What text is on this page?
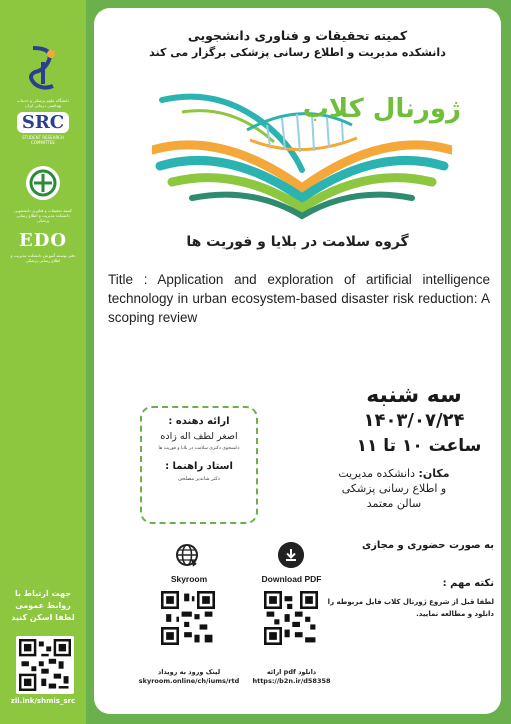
دانشگاه علوم پزشکی و خدمات بهداشتی درمانی ایران
SRC
STUDENT RESEARCH COMMITTEE
کمیته تحقیقات و فناوری دانشجویی دانشکده مدیریت و اطلاع رسانی پزشکی
EDO
دفتر توسعه آموزش دانشکده مدیریت و اطلاع رسانی پزشکی
جهت ارتباط با
روابط عمومی
لطفا اسکن کنید
zil.ink/shmis_src
کمیته تحقیقات و فناوری دانشجویی
دانشکده مدیریت و اطلاع رسانی پزشکی برگزار می کند
ژورنال کلاب
گروه سلامت در بلایا و فوریت ها
Title : Application and exploration of artificial intelligence technology in urban ecosystem-based disaster risk reduction: A scoping review
سه شنبه
۱۴۰۳/۰۷/۲۴
ساعت ۱۰ تا ۱۱
ارائه دهنده :
اصغر لطف اله زاده
دانشجوی دکتری سلامت در بلایا و فوریت ها
استاد راهنما :
دکتر شاندیز مصلحی	مکان: دانشکده مدیریت
و اطلاع رسانی پزشکی
سالن معتمد
به صورت حضوری و مجازی
نکته مهم :
لطفا قبل از شروع ژورنال کلاب فایل مربوطه را دانلود و مطالعه نمایید.
Skyroom
لینک ورود به رویداد
skyroom.online/ch/iums/rtd
Download PDF
دانلود pdf ارائه
https://b2n.ir/d58358
